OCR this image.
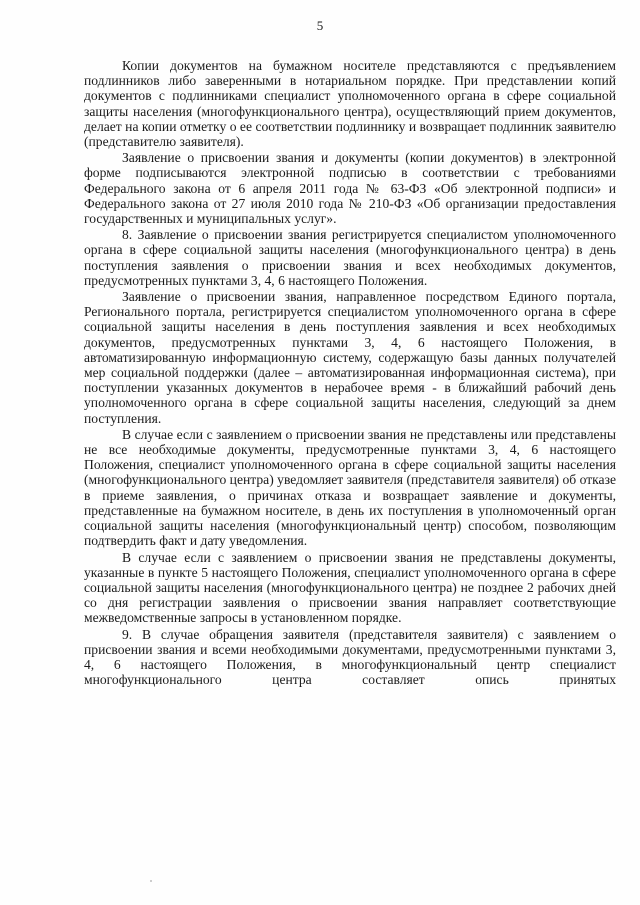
5

Копии документов на бумажном носителе представляются с предъявлением подлинников либо заверенными в нотариальном порядке. При представлении копий документов с подлинниками специалист уполномоченного органа в сфере социальной защиты населения (многофункционального центра), осуществляющий прием документов, делает на копии отметку о ее соответствии подлиннику и возвращает подлинник заявителю (представителю заявителя).

Заявление о присвоении звания и документы (копии документов) в электронной форме подписываются электронной подписью в соответствии с требованиями Федерального закона от 6 апреля 2011 года № 63-ФЗ «Об электронной подписи» и Федерального закона от 27 июля 2010 года № 210-ФЗ «Об организации предоставления государственных и муниципальных услуг».

8. Заявление о присвоении звания регистрируется специалистом уполномоченного органа в сфере социальной защиты населения (многофункционального центра) в день поступления заявления о присвоении звания и всех необходимых документов, предусмотренных пунктами 3, 4, 6 настоящего Положения.

Заявление о присвоении звания, направленное посредством Единого портала, Регионального портала, регистрируется специалистом уполномоченного органа в сфере социальной защиты населения в день поступления заявления и всех необходимых документов, предусмотренных пунктами 3, 4, 6 настоящего Положения, в автоматизированную информационную систему, содержащую базы данных получателей мер социальной поддержки (далее – автоматизированная информационная система), при поступлении указанных документов в нерабочее время - в ближайший рабочий день уполномоченного органа в сфере социальной защиты населения, следующий за днем поступления.

В случае если с заявлением о присвоении звания не представлены или представлены не все необходимые документы, предусмотренные пунктами 3, 4, 6 настоящего Положения, специалист уполномоченного органа в сфере социальной защиты населения (многофункционального центра) уведомляет заявителя (представителя заявителя) об отказе в приеме заявления, о причинах отказа и возвращает заявление и документы, представленные на бумажном носителе, в день их поступления в уполномоченный орган социальной защиты населения (многофункциональный центр) способом, позволяющим подтвердить факт и дату уведомления.

В случае если с заявлением о присвоении звания не представлены документы, указанные в пункте 5 настоящего Положения, специалист уполномоченного органа в сфере социальной защиты населения (многофункционального центра) не позднее 2 рабочих дней со дня регистрации заявления о присвоении звания направляет соответствующие межведомственные запросы в установленном порядке.

9. В случае обращения заявителя (представителя заявителя) с заявлением о присвоении звания и всеми необходимыми документами, предусмотренными пунктами 3, 4, 6 настоящего Положения, в многофункциональный центр специалист многофункционального центра составляет опись принятых
